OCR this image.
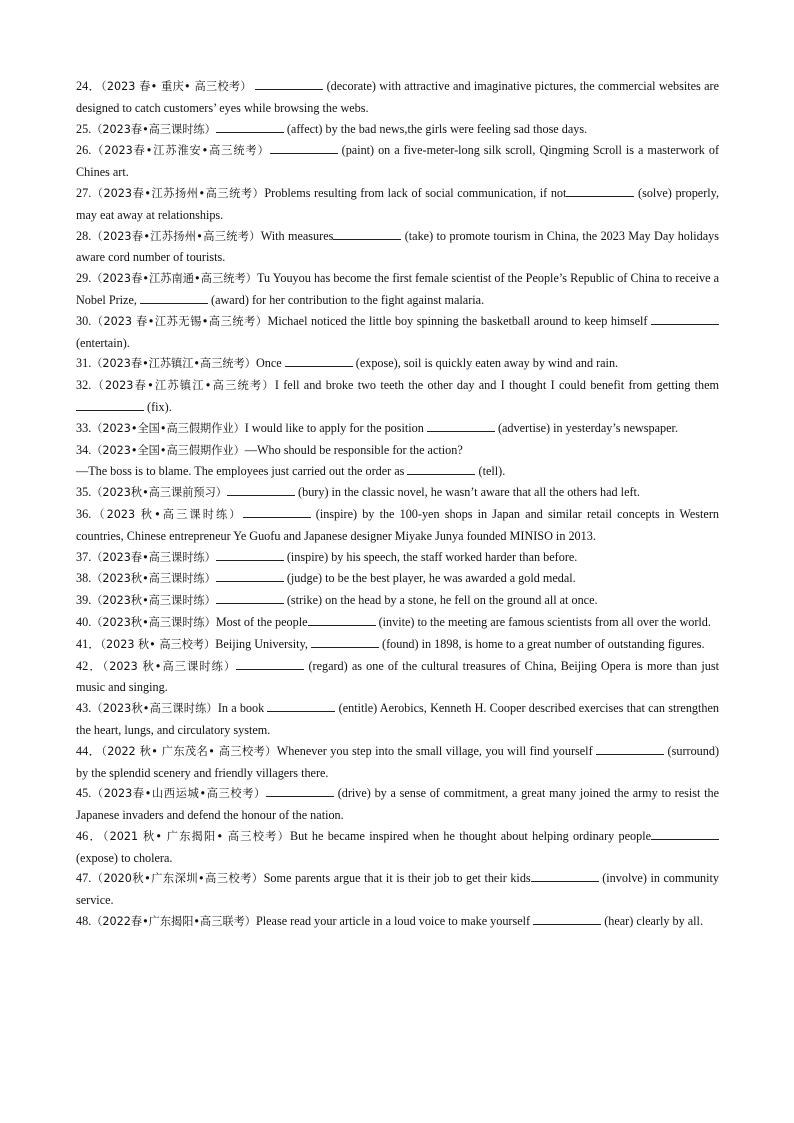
24．（2023 春• 重庆• 高三校考）	(decorate) with attractive and imaginative pictures, the commercial websites are designed to catch customers’ eyes while browsing the webs.

25.（2023春•高三课时练）	(affect) by the bad news,the girls were feeling sad those days.

26.（2023春•江苏淮安•高三统考）	(paint) on a five-meter-long silk scroll, Qingming Scroll is a masterwork of Chines art.

27.（2023春•江苏扬州•高三统考）Problems resulting from lack of social communication, if not	(solve) properly, may eat away at relationships.

28.（2023春•江苏扬州•高三统考）With measures	(take) to promote tourism in China, the 2023 May Day holidays aware cord number of tourists.

29.（2023春•江苏南通•高三统考）Tu Youyou has become the first female scientist of the People’s Republic of China to receive a Nobel Prize,	(award) for her contribution to the fight against malaria.

30.（2023 春•江苏无锡•高三统考）Michael noticed the little boy spinning the basketball around to keep himself  (entertain).

31.（2023春•江苏镇江•高三统考）Once	(expose), soil is quickly eaten away by wind and rain.

32.（2023春•江苏镇江•高三统考）I fell and broke two teeth the other day and I thought I could benefit from getting them (fix).

33.（2023•全国•高三假期作业）I would like to apply for the position	(advertise) in yesterday’s newspaper.

34.（2023•全国•高三假期作业）—Who should be responsible for the action?
—The boss is to blame. The employees just carried out the order as	(tell).

35.（2023秋•高三课前预习）	(bury) in the classic novel, he wasn’t aware that all the others had left.

36.（2023 秋•高三课时练）	(inspire) by the 100-yen shops in Japan and similar retail concepts in Western countries, Chinese entrepreneur Ye Guofu and Japanese designer Miyake Junya founded MINISO in 2013.

37.（2023春•高三课时练）	(inspire) by his speech, the staff worked harder than before.

38.（2023秋•高三课时练）	(judge) to be the best player, he was awarded a gold medal.

39.（2023秋•高三课时练）	(strike) on the head by a stone, he fell on the ground all at once.

40.（2023秋•高三课时练）Most of the people	(invite) to the meeting are famous scientists from all over the world.

41．（2023 秋• 高三校考）Beijing University,	(found) in 1898, is home to a great number of outstanding figures.

42．（2023 秋•高三课时练）	(regard) as one of the cultural treasures of China, Beijing Opera is more than just music and singing.

43.（2023秋•高三课时练）In a book	(entitle) Aerobics, Kenneth H. Cooper described exercises that can strengthen the heart, lungs, and circulatory system.

44．（2022 秋• 广东茂名• 高三校考）Whenever you step into the small village, you will find yourself	(surround) by the splendid scenery and friendly villagers there.

45.（2023春•山西运城•高三校考）	(drive) by a sense of commitment, a great many joined the army to resist the Japanese invaders and defend the honour of the nation.

46．（2021 秋• 广东揭阳• 高三校考）But he became inspired when he thought about helping ordinary people (expose) to cholera.

47.（2020秋•广东深圳•高三校考）Some parents argue that it is their job to get their kids	(involve) in community service.

48.（2022春•广东揭阳•高三联考）Please read your article in a loud voice to make yourself	(hear) clearly by all.
